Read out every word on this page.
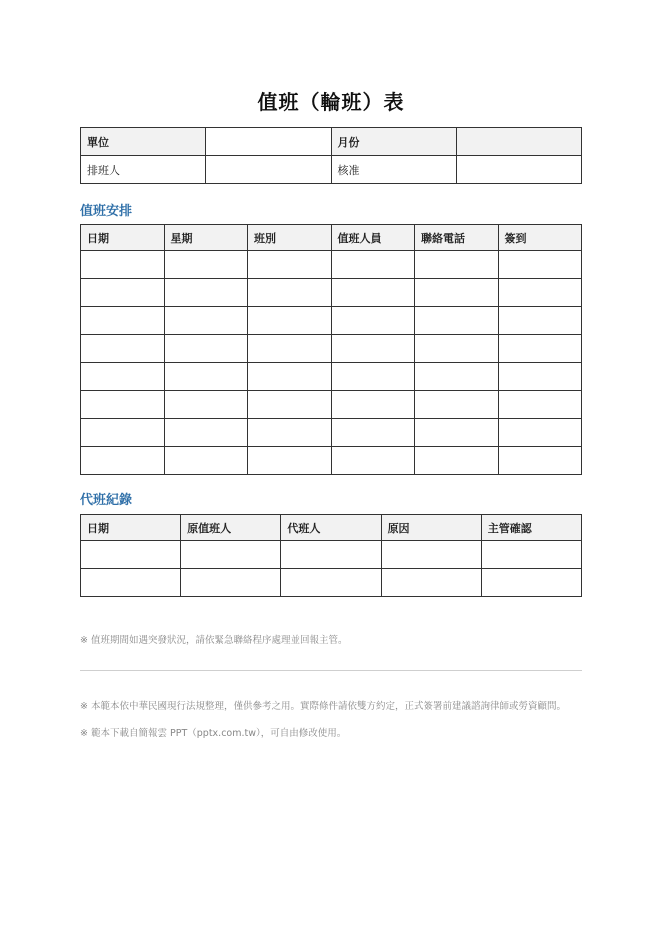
值班（輪班）表
單位		月份	
排班人		核准	
值班安排
日期	星期	班別	值班人員	聯絡電話	簽到

代班紀錄
日期	原值班人	代班人	原因	主管確認

※ 值班期間如遇突發狀況，請依緊急聯絡程序處理並回報主管。
※ 本範本依中華民國現行法規整理，僅供參考之用。實際條件請依雙方約定，正式簽署前建議諮詢律師或勞資顧問。
※ 範本下載自簡報雲 PPT（pptx.com.tw），可自由修改使用。
